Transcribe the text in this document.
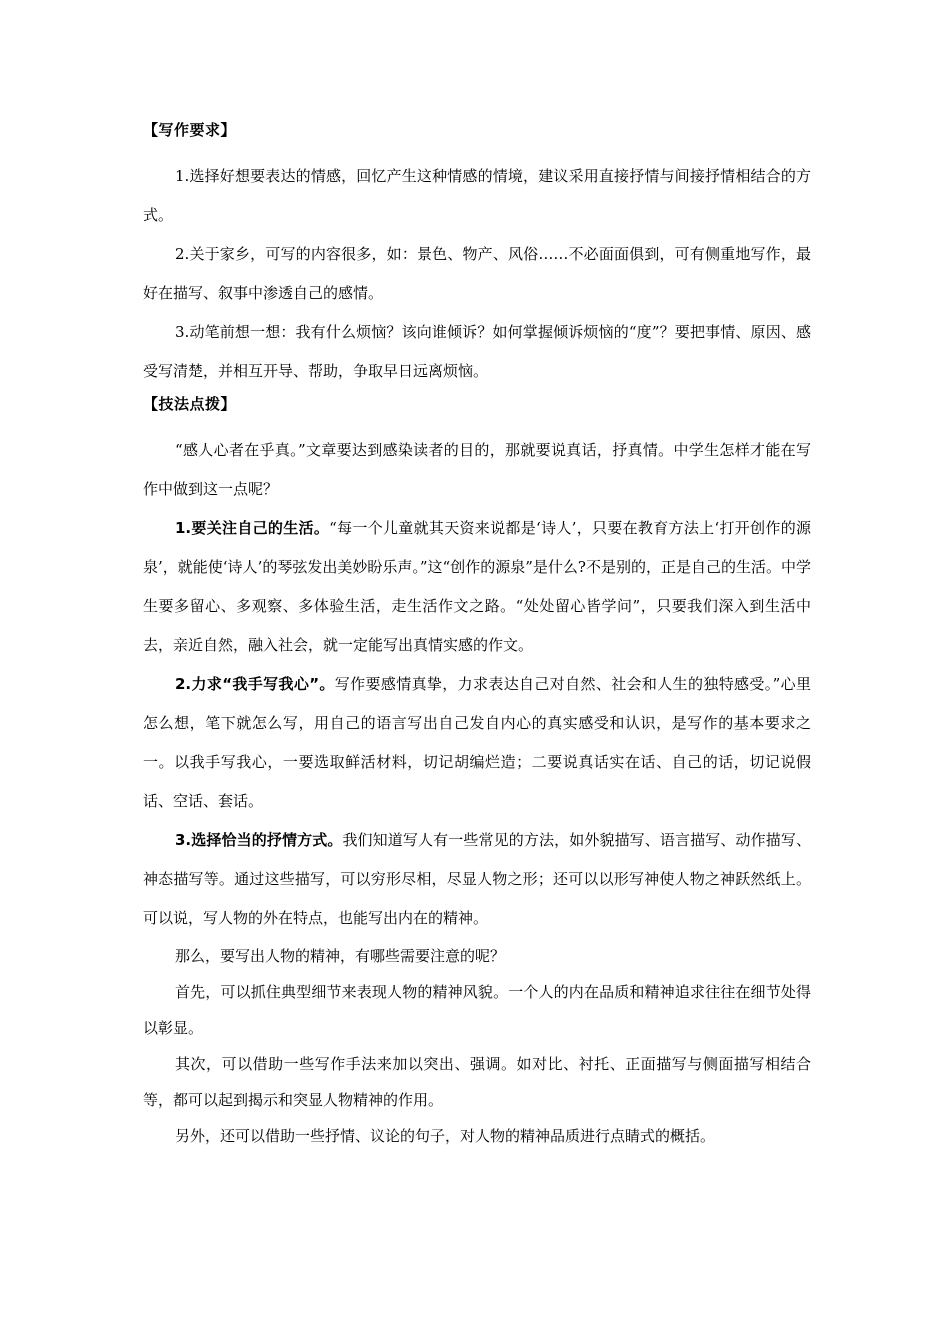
【写作要求】

1.选择好想要表达的情感，回忆产生这种情感的情境，建议采用直接抒情与间接抒情相结合的方式。

2.关于家乡，可写的内容很多，如：景色、物产、风俗……不必面面俱到，可有侧重地写作，最好在描写、叙事中渗透自己的感情。

3.动笔前想一想：我有什么烦恼？该向谁倾诉？如何掌握倾诉烦恼的“度”？要把事情、原因、感受写清楚，并相互开导、帮助，争取早日远离烦恼。

【技法点拨】

“感人心者在乎真。”文章要达到感染读者的目的，那就要说真话，抒真情。中学生怎样才能在写作中做到这一点呢？

1.要关注自己的生活。“每一个儿童就其天资来说都是‘诗人’，只要在教育方法上‘打开创作的源泉’，就能使‘诗人’的琴弦发出美妙盼乐声。”这“创作的源泉”是什么?不是别的，正是自己的生活。中学生要多留心、多观察、多体验生活，走生活作文之路。“处处留心皆学问”，只要我们深入到生活中去，亲近自然，融入社会，就一定能写出真情实感的作文。

2.力求“我手写我心”。写作要感情真挚，力求表达自己对自然、社会和人生的独特感受。”心里怎么想，笔下就怎么写，用自己的语言写出自己发自内心的真实感受和认识，是写作的基本要求之一。以我手写我心，一要选取鲜活材料，切记胡编烂造；二要说真话实在话、自己的话，切记说假话、空话、套话。

3.选择恰当的抒情方式。我们知道写人有一些常见的方法，如外貌描写、语言描写、动作描写、神态描写等。通过这些描写，可以穷形尽相，尽显人物之形；还可以以形写神使人物之神跃然纸上。可以说，写人物的外在特点，也能写出内在的精神。

那么，要写出人物的精神，有哪些需要注意的呢？

首先，可以抓住典型细节来表现人物的精神风貌。一个人的内在品质和精神追求往往在细节处得以彰显。

其次，可以借助一些写作手法来加以突出、强调。如对比、衬托、正面描写与侧面描写相结合等，都可以起到揭示和突显人物精神的作用。

另外，还可以借助一些抒情、议论的句子，对人物的精神品质进行点睛式的概括。
